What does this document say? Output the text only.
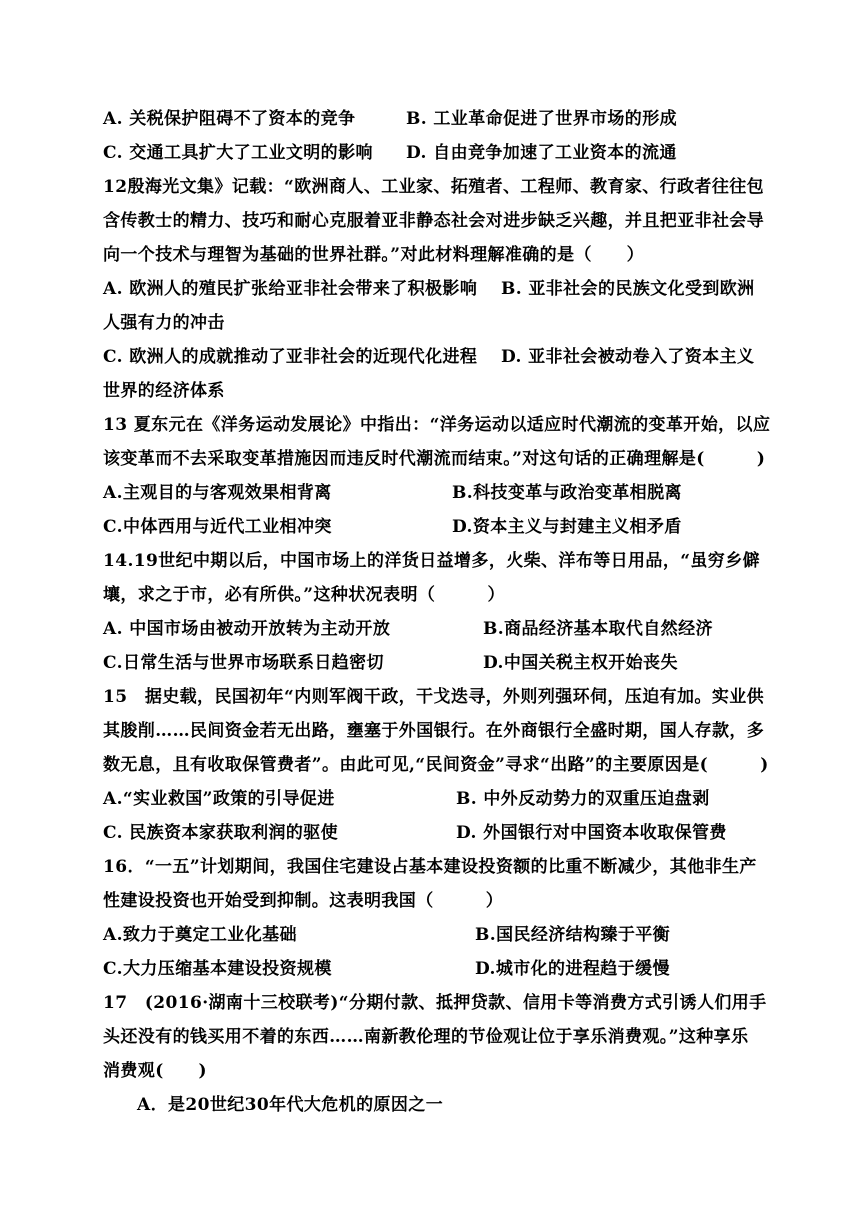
A. 关税保护阻碍不了资本的竞争	B. 工业革命促进了世界市场的形成
C. 交通工具扩大了工业文明的影响 D. 自由竞争加速了工业资本的流通
12殷海光文集》记载：“欧洲商人、工业家、拓殖者、工程师、教育家、行政者往往包
含传教士的精力、技巧和耐心克服着亚非静态社会对进步缺乏兴趣，并且把亚非社会导
向一个技术与理智为基础的世界社群。”对此材料理解准确的是（　　）
A. 欧洲人的殖民扩张给亚非社会带来了积极影响　 B. 亚非社会的民族文化受到欧洲
人强有力的冲击
C. 欧洲人的成就推动了亚非社会的近现代化进程　 D. 亚非社会被动卷入了资本主义
世界的经济体系
13 夏东元在《洋务运动发展论》中指出：“洋务运动以适应时代潮流的变革开始，以应
该变革而不去采取变革措施因而违反时代潮流而结束。”对这句话的正确理解是(　　　)
A.主观目的与客观效果相背离	B.科技变革与政治变革相脱离
C.中体西用与近代工业相冲突	D.资本主义与封建主义相矛盾
14.19世纪中期以后，中国市场上的洋货日益增多，火柴、洋布等日用品，“虽穷乡僻
壤，求之于市，必有所供。”这种状况表明（　　　）
A. 中国市场由被动开放转为主动开放	B.商品经济基本取代自然经济
C.日常生活与世界市场联系日趋密切	D.中国关税主权开始丧失
15　据史载，民国初年“内则军阀干政，干戈迭寻，外则列强环伺，压迫有加。实业供
其朘削……民间资金若无出路，壅塞于外国银行。在外商银行全盛时期，国人存款，多
数无息，且有收取保管费者”。由此可见,“民间资金”寻求“出路”的主要原因是(　　　)
A.“实业救国”政策的引导促进	B. 中外反动势力的双重压迫盘剥
C. 民族资本家获取利润的驱使	D. 外国银行对中国资本收取保管费
16．“一五”计划期间，我国住宅建设占基本建设投资额的比重不断减少，其他非生产
性建设投资也开始受到抑制。这表明我国（　　　）
A.致力于奠定工业化基础	B.国民经济结构臻于平衡
C.大力压缩基本建设投资规模	D.城市化的进程趋于缓慢
17　(2016·湖南十三校联考)“分期付款、抵押贷款、信用卡等消费方式引诱人们用手
头还没有的钱买用不着的东西……南新教伦理的节俭观让位于享乐消费观。”这种享乐
消费观(　　)
A．是20世纪30年代大危机的原因之一
